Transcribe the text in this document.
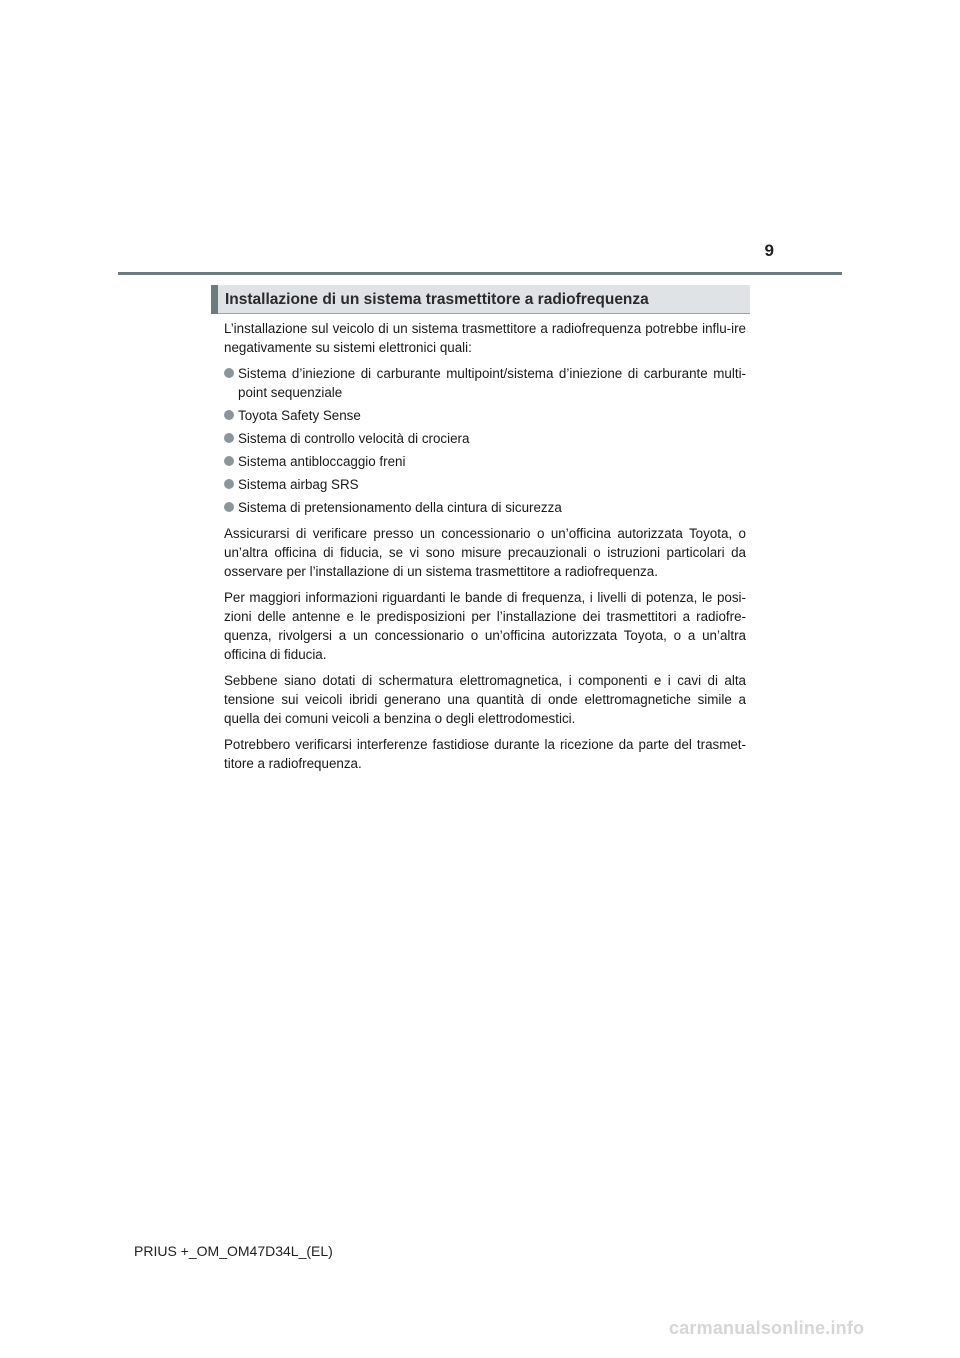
9
Installazione di un sistema trasmettitore a radiofrequenza

L’installazione sul veicolo di un sistema trasmettitore a radiofrequenza potrebbe influ-ire negativamente su sistemi elettronici quali:

Sistema d’iniezione di carburante multipoint/sistema d’iniezione di carburante multi-point sequenziale
Toyota Safety Sense
Sistema di controllo velocità di crociera
Sistema antibloccaggio freni
Sistema airbag SRS
Sistema di pretensionamento della cintura di sicurezza

Assicurarsi di verificare presso un concessionario o un’officina autorizzata Toyota, o un’altra officina di fiducia, se vi sono misure precauzionali o istruzioni particolari da osservare per l’installazione di un sistema trasmettitore a radiofrequenza.

Per maggiori informazioni riguardanti le bande di frequenza, i livelli di potenza, le posi-zioni delle antenne e le predisposizioni per l’installazione dei trasmettitori a radiofre-quenza, rivolgersi a un concessionario o un’officina autorizzata Toyota, o a un’altra officina di fiducia.

Sebbene siano dotati di schermatura elettromagnetica, i componenti e i cavi di alta tensione sui veicoli ibridi generano una quantità di onde elettromagnetiche simile a quella dei comuni veicoli a benzina o degli elettrodomestici.

Potrebbero verificarsi interferenze fastidiose durante la ricezione da parte del trasmet-titore a radiofrequenza.

PRIUS +_OM_OM47D34L_(EL)
carmanualsonline.info
